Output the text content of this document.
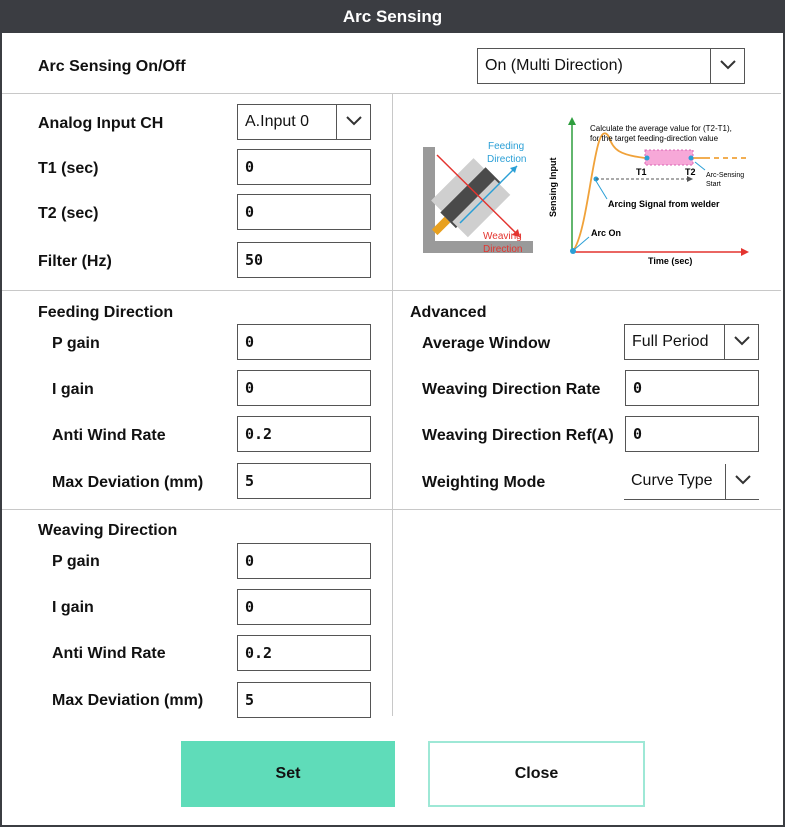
Arc Sensing
Arc Sensing On/Off	On (Multi Direction)
Analog Input CH	A.Input 0
T1 (sec)	0
T2 (sec)	0
Filter (Hz)	50
Feeding
Direction
Weaving
Direction
Sensing Input
Time (sec)
Calculate the average value for (T2-T1),
for the target feeding-direction value
T1	T2 Arc-Sensing
Start
Arcing Signal from welder
Arc On
Feeding Direction
P gain	0
I gain	0
Anti Wind Rate	0.2
Max Deviation (mm)	5
Advanced
Average Window	Full Period
Weaving Direction Rate	0
Weaving Direction Ref(A)	0
Weighting Mode	Curve Type
Weaving Direction
P gain	0
I gain	0
Anti Wind Rate	0.2
Max Deviation (mm)	5
Set	Close
